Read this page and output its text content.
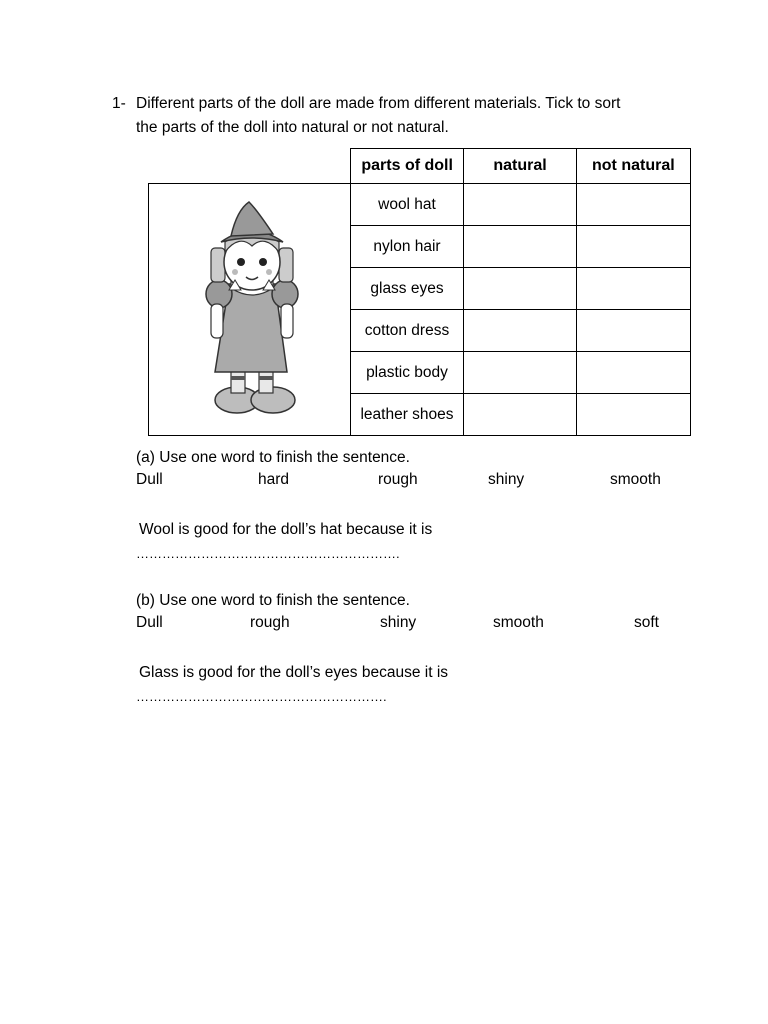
1- Different parts of the doll are made from different materials. Tick to sort
the parts of the doll into natural or not natural.
parts of doll	natural	not natural
wool hat
nylon hair
glass eyes
cotton dress
plastic body
leather shoes
(a) Use one word to finish the sentence.
Dull	hard	rough	shiny	smooth
Wool is good for the doll’s hat because it is
…………………………………………………….
(b) Use one word to finish the sentence.
Dull	rough	shiny	smooth	soft
Glass is good for the doll’s eyes because it is
………………………………………………….
